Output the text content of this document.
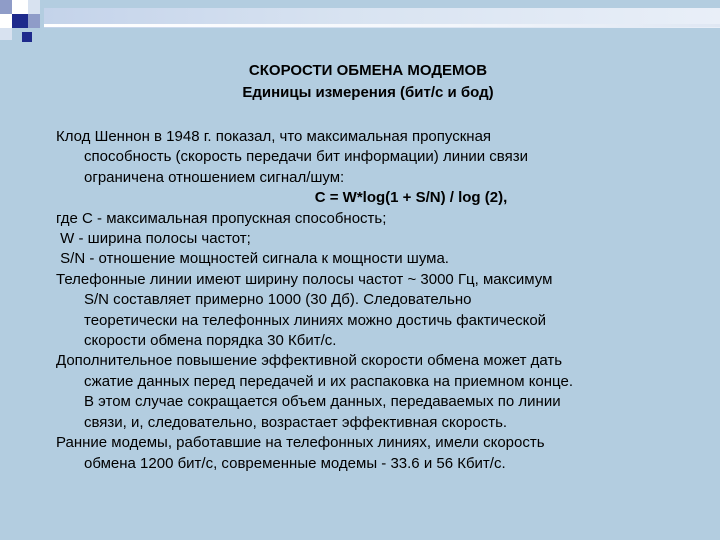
СКОРОСТИ ОБМЕНА МОДЕМОВ
Единицы измерения (бит/с и бод)

Клод Шеннон в 1948 г. показал, что максимальная пропускная
способность (скорость передачи бит информации) линии связи
ограничена отношением сигнал/шум:

C = W*log(1 + S/N) / log (2),

где С - максимальная пропускная способность;

W - ширина полосы частот;

S/N - отношение мощностей сигнала к мощности шума.

Телефонные линии имеют ширину полосы частот ~ 3000 Гц, максимум
S/N составляет примерно 1000 (30 Дб). Следовательно
теоретически на телефонных линиях можно достичь фактической
скорости обмена порядка 30 Кбит/с.

Дополнительное повышение эффективной скорости обмена может дать
сжатие данных перед передачей и их распаковка на приемном конце.
В этом случае сокращается объем данных, передаваемых по линии
связи, и, следовательно, возрастает эффективная скорость.

Ранние модемы, работавшие на телефонных линиях, имели скорость
обмена 1200 бит/с, современные модемы - 33.6 и 56 Кбит/с.
